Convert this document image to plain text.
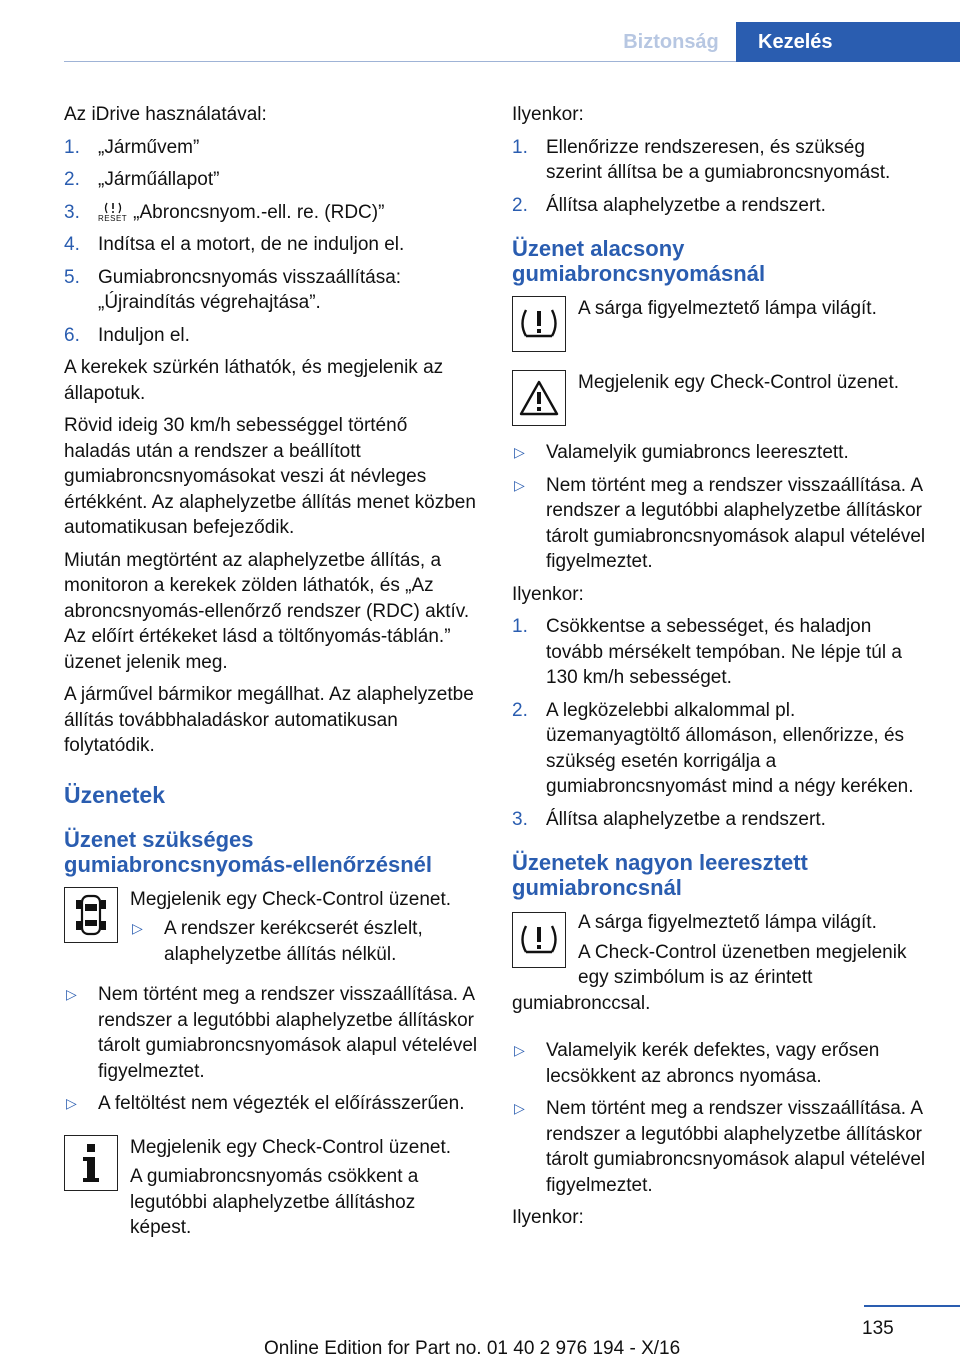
Biztonság	Kezelés

Az iDrive használatával:

1. „Járművem”
2. „Járműállapot”
3. RESET „Abroncsnyom.-ell. re. (RDC)”
4. Indítsa el a motort, de ne induljon el.
5. Gumiabroncsnyomás visszaállítása: „Újraindítás végrehajtása”.
6. Induljon el.

A kerekek szürkén láthatók, és megjelenik az állapotuk.

Rövid ideig 30 km/h sebességgel történő haladás után a rendszer a beállított gumiabroncsnyomásokat veszi át névleges értékként. Az alaphelyzetbe állítás menet közben automatikusan befejeződik.

Miután megtörtént az alaphelyzetbe állítás, a monitoron a kerekek zölden láthatók, és „Az abroncsnyomás-ellenőrző rendszer (RDC) aktív. Az előírt értékeket lásd a töltőnyomás-táblán.” üzenet jelenik meg.

A járművel bármikor megállhat. Az alaphelyzetbe állítás továbbhaladáskor automatikusan folytatódik.

Üzenetek
Üzenet szükséges gumiabroncsnyomás-ellenőrzésnél

Megjelenik egy Check-Control üzenet.

▷ A rendszer kerékcserét észlelt, alaphelyzetbe állítás nélkül.
▷ Nem történt meg a rendszer visszaállítása. A rendszer a legutóbbi alaphelyzetbe állításkor tárolt gumiabroncsnyomások alapul vételével figyelmeztet.
▷ A feltöltést nem végezték el előírásszerűen.

Megjelenik egy Check-Control üzenet.

A gumiabroncsnyomás csökkent a legutóbbi alaphelyzetbe állításhoz képest.

Ilyenkor:

1. Ellenőrizze rendszeresen, és szükség szerint állítsa be a gumiabroncsnyomást.
2. Állítsa alaphelyzetbe a rendszert.
Üzenet alacsony gumiabroncsnyomásnál

A sárga figyelmeztető lámpa világít.

Megjelenik egy Check-Control üzenet.

▷ Valamelyik gumiabroncs leeresztett.
▷ Nem történt meg a rendszer visszaállítása. A rendszer a legutóbbi alaphelyzetbe állításkor tárolt gumiabroncsnyomások alapul vételével figyelmeztet.

Ilyenkor:

1. Csökkentse a sebességet, és haladjon tovább mérsékelt tempóban. Ne lépje túl a 130 km/h sebességet.
2. A legközelebbi alkalommal pl. üzemanyagtöltő állomáson, ellenőrizze, és szükség esetén korrigálja a gumiabroncsnyomást mind a négy keréken.
3. Állítsa alaphelyzetbe a rendszert.
Üzenetek nagyon leeresztett gumiabroncsnál

A sárga figyelmeztető lámpa világít.

A Check-Control üzenetben megjelenik egy szimbólum is az érintett gumiabronccsal.

▷ Valamelyik kerék defektes, vagy erősen lecsökkent az abroncs nyomása.
▷ Nem történt meg a rendszer visszaállítása. A rendszer a legutóbbi alaphelyzetbe állításkor tárolt gumiabroncsnyomások alapul vételével figyelmeztet.

Ilyenkor:

135
Online Edition for Part no. 01 40 2 976 194 - X/16
